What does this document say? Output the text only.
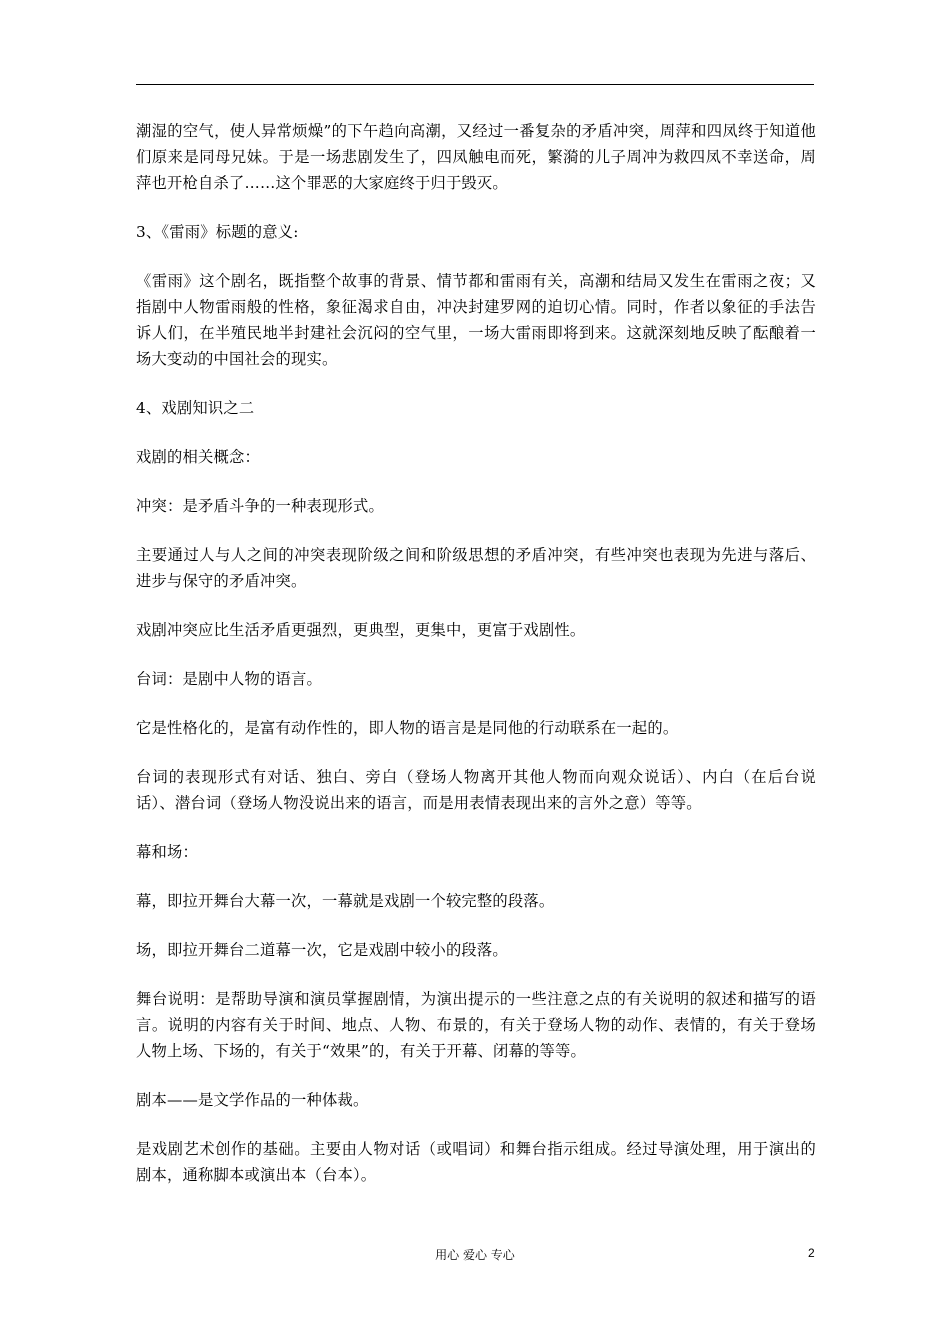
潮湿的空气，使人异常烦燥”的下午趋向高潮，又经过一番复杂的矛盾冲突，周萍和四凤终于知道他们原来是同母兄妹。于是一场悲剧发生了，四凤触电而死，繁漪的儿子周冲为救四凤不幸送命，周萍也开枪自杀了……这个罪恶的大家庭终于归于毁灭。

3、《雷雨》标题的意义:

《雷雨》这个剧名，既指整个故事的背景、情节都和雷雨有关，高潮和结局又发生在雷雨之夜；又指剧中人物雷雨般的性格，象征渴求自由，冲决封建罗网的迫切心情。同时，作者以象征的手法告诉人们，在半殖民地半封建社会沉闷的空气里，一场大雷雨即将到来。这就深刻地反映了酝酿着一场大变动的中国社会的现实。

4、戏剧知识之二

戏剧的相关概念：

冲突：是矛盾斗争的一种表现形式。

主要通过人与人之间的冲突表现阶级之间和阶级思想的矛盾冲突，有些冲突也表现为先进与落后、进步与保守的矛盾冲突。

戏剧冲突应比生活矛盾更强烈，更典型，更集中，更富于戏剧性。

台词：是剧中人物的语言。

它是性格化的，是富有动作性的，即人物的语言是是同他的行动联系在一起的。

台词的表现形式有对话、独白、旁白（登场人物离开其他人物而向观众说话）、内白（在后台说话）、潜台词（登场人物没说出来的语言，而是用表情表现出来的言外之意）等等。

幕和场：

幕，即拉开舞台大幕一次，一幕就是戏剧一个较完整的段落。

场，即拉开舞台二道幕一次，它是戏剧中较小的段落。

舞台说明：是帮助导演和演员掌握剧情，为演出提示的一些注意之点的有关说明的叙述和描写的语言。说明的内容有关于时间、地点、人物、布景的，有关于登场人物的动作、表情的，有关于登场人物上场、下场的，有关于“效果”的，有关于开幕、闭幕的等等。

剧本——是文学作品的一种体裁。

是戏剧艺术创作的基础。主要由人物对话（或唱词）和舞台指示组成。经过导演处理，用于演出的剧本，通称脚本或演出本（台本）。

用心 爱心 专心	2
